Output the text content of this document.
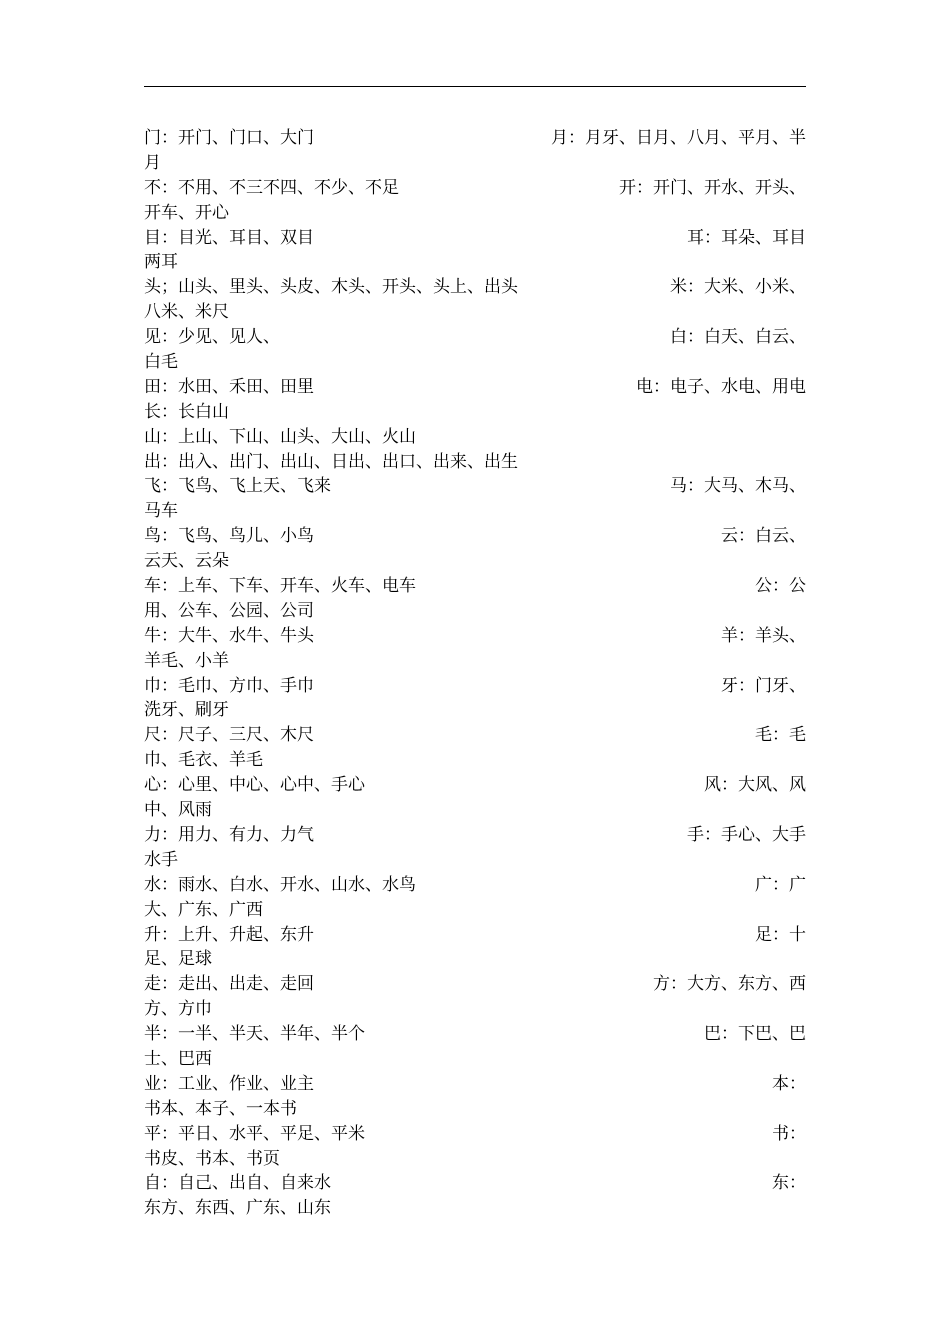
门：开门、门口、大门	月：月牙、日月、八月、平月、半
月
不：不用、不三不四、不少、不足	开：开门、开水、开头、
开车、开心
目：目光、耳目、双目	耳：耳朵、耳目
两耳
头；山头、里头、头皮、木头、开头、头上、出头	米：大米、小米、
八米、米尺
见：少见、见人、	白：白天、白云、
白毛
田：水田、禾田、田里	电：电子、水电、用电
长：长白山
山：上山、下山、山头、大山、火山
出：出入、出门、出山、日出、出口、出来、出生
飞：飞鸟、飞上天、飞来	马：大马、木马、
马车
鸟：飞鸟、鸟儿、小鸟	云：白云、
云天、云朵
车：上车、下车、开车、火车、电车	公：公
用、公车、公园、公司
牛：大牛、水牛、牛头	羊：羊头、
羊毛、小羊
巾：毛巾、方巾、手巾	牙：门牙、
洗牙、刷牙
尺：尺子、三尺、木尺	毛：毛
巾、毛衣、羊毛
心：心里、中心、心中、手心	风：大风、风
中、风雨
力：用力、有力、力气	手：手心、大手
水手
水：雨水、白水、开水、山水、水鸟	广：广
大、广东、广西
升：上升、升起、东升	足：十
足、足球
走：走出、出走、走回	方：大方、东方、西
方、方巾
半：一半、半天、半年、半个	巴：下巴、巴
士、巴西
业：工业、作业、业主	本：
书本、本子、一本书
平：平日、水平、平足、平米	书：
书皮、书本、书页
自：自己、出自、自来水	东：
东方、东西、广东、山东
